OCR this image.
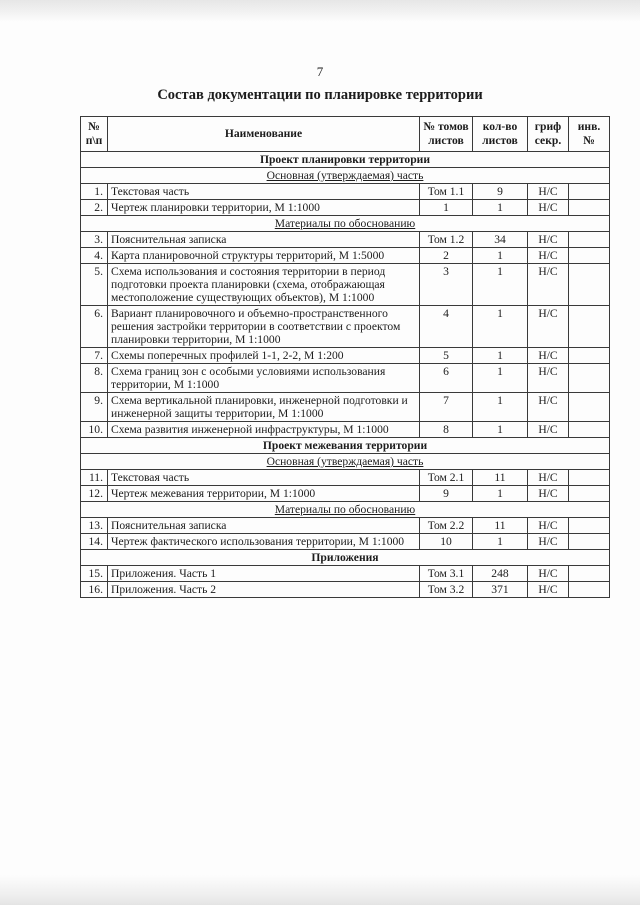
7
Состав документации по планировке территории
№ п\п	Наименование	№ томов листов	кол-во листов	гриф секр.	инв. №
Проект планировки территории					
Основная (утверждаемая) часть					
1.	Текстовая часть	Том 1.1	9	Н/С	
2.	Чертеж планировки территории, М 1:1000	1	1	Н/С	
Материалы по обоснованию					
3.	Пояснительная записка	Том 1.2	34	Н/С	
4.	Карта планировочной структуры территорий, М 1:5000	2	1	Н/С	
5.	Схема использования и состояния территории в период подготовки проекта планировки (схема, отображающая местоположение существующих объектов), М 1:1000	3	1	Н/С	
6.	Вариант планировочного и объемно-пространственного решения застройки территории в соответствии с проектом планировки территории, М 1:1000	4	1	Н/С	
7.	Схемы поперечных профилей 1-1, 2-2, М 1:200	5	1	Н/С	
8.	Схема границ зон с особыми условиями использования территории, М 1:1000	6	1	Н/С	
9.	Схема вертикальной планировки, инженерной подготовки и инженерной защиты территории, М 1:1000	7	1	Н/С	
10.	Схема развития инженерной инфраструктуры, М 1:1000	8	1	Н/С	
Проект межевания территории					
Основная (утверждаемая) часть					
11.	Текстовая часть	Том 2.1	11	Н/С	
12.	Чертеж межевания территории, М 1:1000	9	1	Н/С	
Материалы по обоснованию					
13.	Пояснительная записка	Том 2.2	11	Н/С	
14.	Чертеж фактического использования территории, М 1:1000	10	1	Н/С	
Приложения					
15.	Приложения. Часть 1	Том 3.1	248	Н/С	
16.	Приложения. Часть 2	Том 3.2	371	Н/С	
